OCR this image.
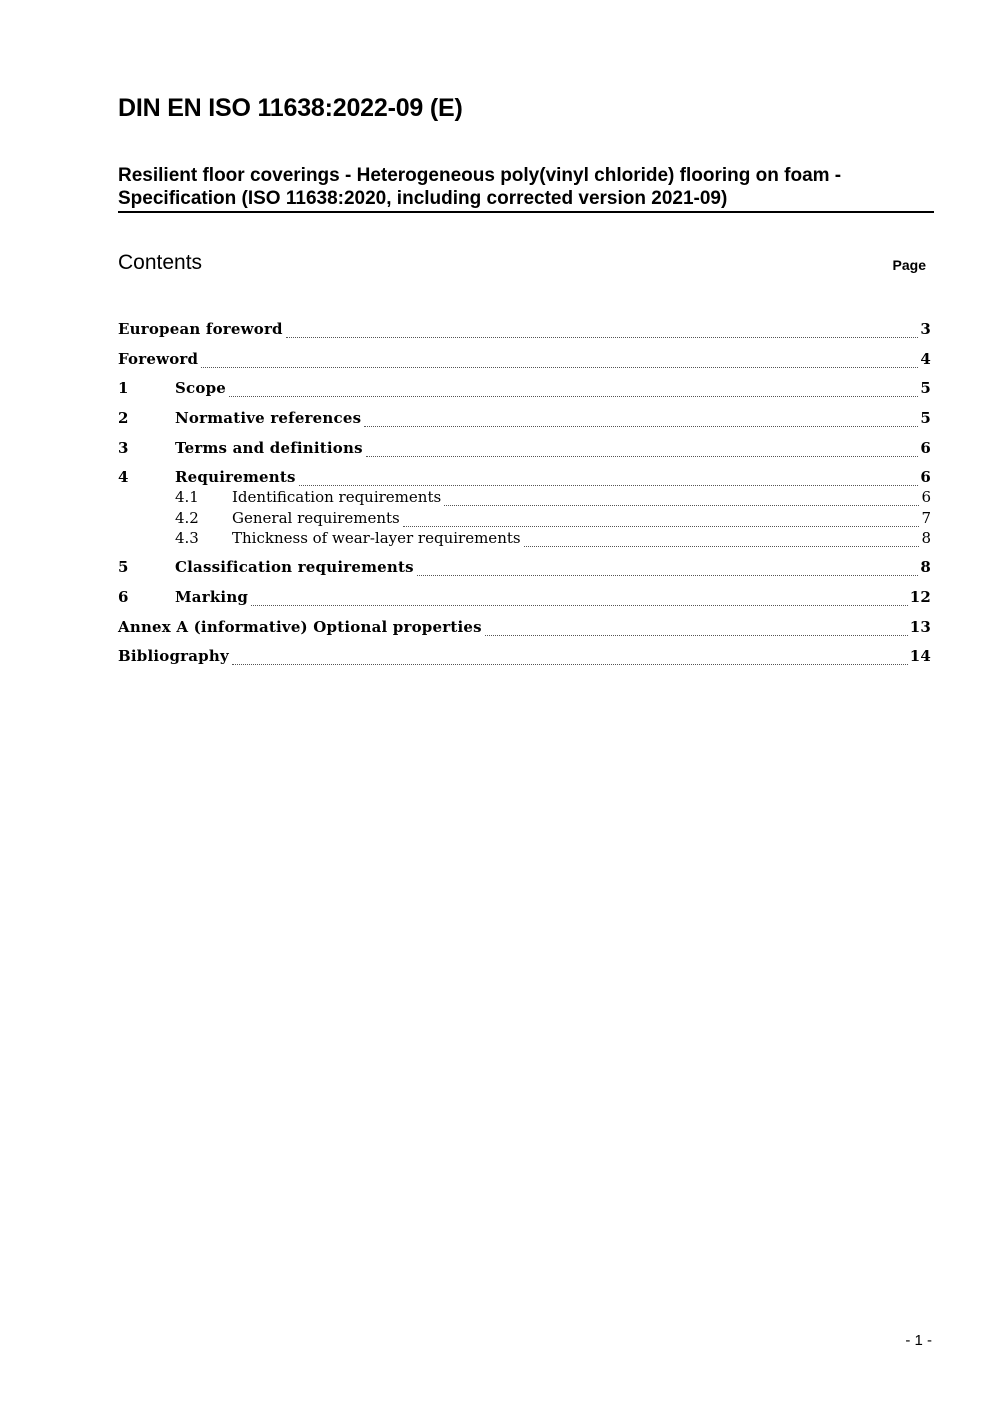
DIN EN ISO 11638:2022-09 (E)
Resilient floor coverings - Heterogeneous poly(vinyl chloride) flooring on foam -
Specification (ISO 11638:2020, including corrected version 2021-09)
Contents	Page
European foreword	3
Foreword	4
1	Scope	5
2	Normative references	5
3	Terms and definitions	6
4	Requirements	6
4.1	Identification requirements	6
4.2	General requirements	7
4.3	Thickness of wear-layer requirements	8
5	Classification requirements	8
6	Marking	12
Annex A (informative) Optional properties	13
Bibliography	14
- 1 -
